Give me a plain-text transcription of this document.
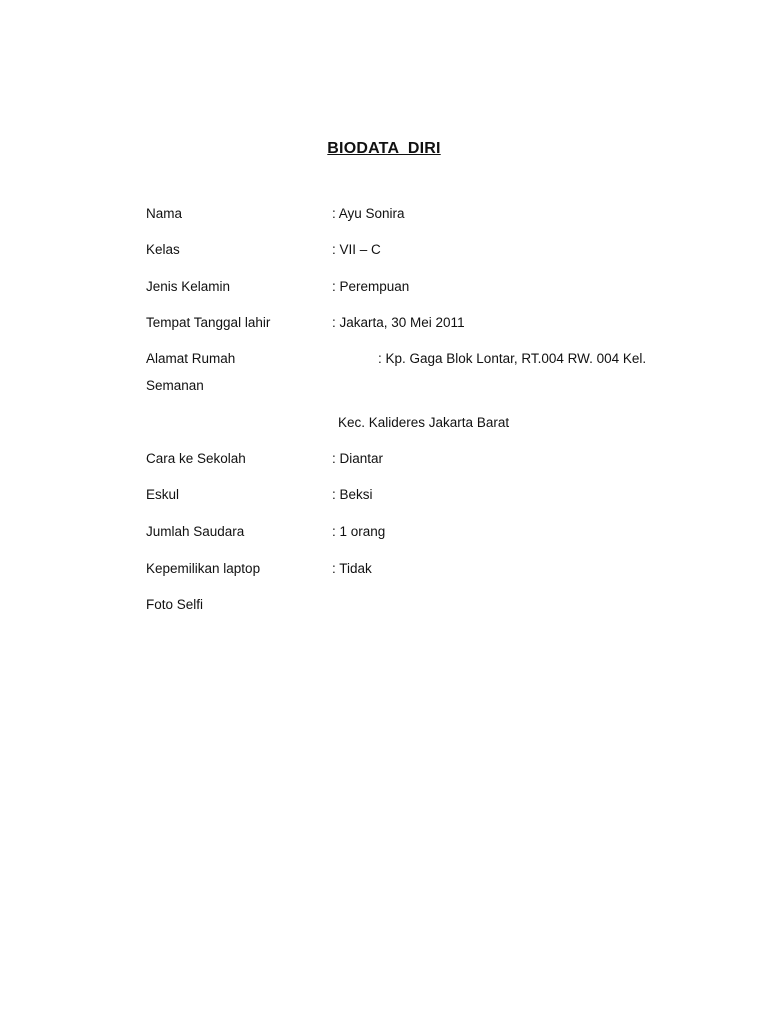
BIODATA  DIRI
Nama	: Ayu Sonira
Kelas	: VII – C
Jenis Kelamin	: Perempuan
Tempat Tanggal lahir	: Jakarta, 30 Mei 2011
Alamat Rumah	: Kp. Gaga Blok Lontar, RT.004 RW. 004 Kel.
Semanan
Kec. Kalideres Jakarta Barat
Cara ke Sekolah	: Diantar
Eskul	: Beksi
Jumlah Saudara	: 1 orang
Kepemilikan laptop	: Tidak
Foto Selfi
